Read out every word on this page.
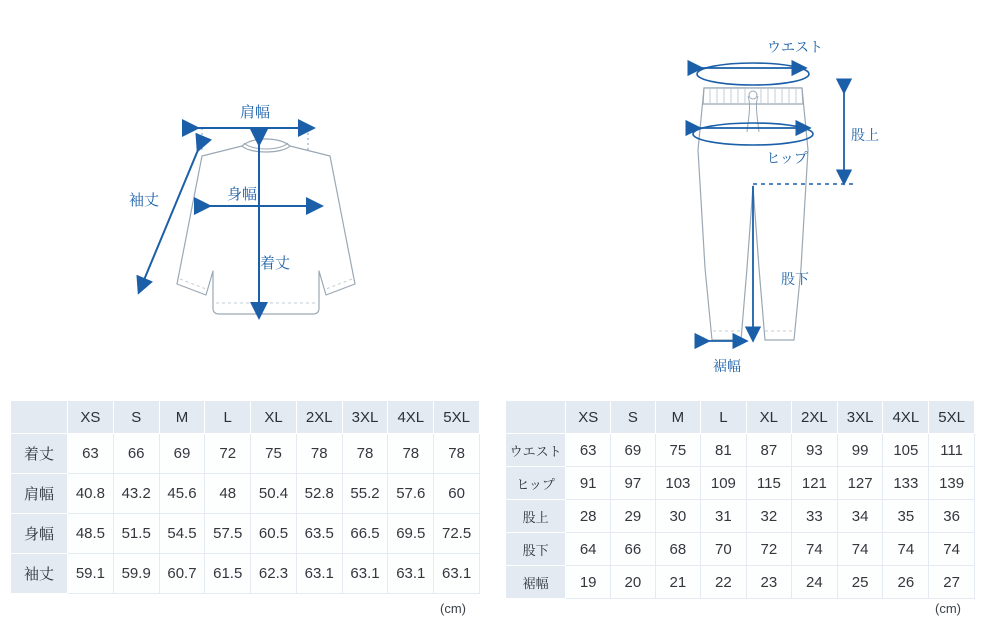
肩幅
袖丈	身幅
着丈
ウエスト
ヒップ
股上
股下
裾幅
	XS	S	M	L	XL	2XL	3XL	4XL	5XL
着丈	63	66	69	72	75	78	78	78	78
肩幅	40.8	43.2	45.6	48	50.4	52.8	55.2	57.6	60
身幅	48.5	51.5	54.5	57.5	60.5	63.5	66.5	69.5	72.5
袖丈	59.1	59.9	60.7	61.5	62.3	63.1	63.1	63.1	63.1
(cm)
	XS	S	M	L	XL	2XL	3XL	4XL	5XL
ウエスト	63	69	75	81	87	93	99	105	111
ヒップ	91	97	103	109	115	121	127	133	139
股上	28	29	30	31	32	33	34	35	36
股下	64	66	68	70	72	74	74	74	74
裾幅	19	20	21	22	23	24	25	26	27
(cm)
